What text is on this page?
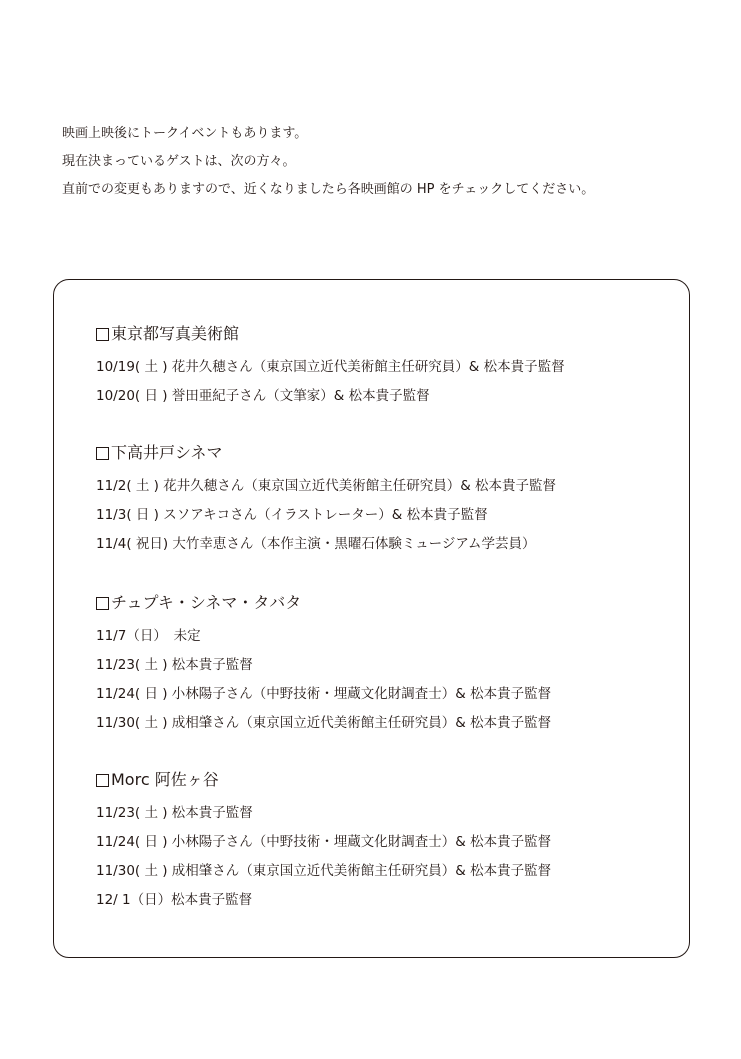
映画上映後にトークイベントもあります。
現在決まっているゲストは、次の方々。
直前での変更もありますので、近くなりましたら各映画館の HP をチェックしてください。
東京都写真美術館
10/19( 土 ) 花井久穂さん（東京国立近代美術館主任研究員）& 松本貴子監督
10/20( 日 ) 誉田亜紀子さん（文筆家）& 松本貴子監督
下高井戸シネマ
11/2( 土 ) 花井久穂さん（東京国立近代美術館主任研究員）& 松本貴子監督
11/3( 日 ) スソアキコさん（イラストレーター）& 松本貴子監督
11/4( 祝日) 大竹幸恵さん（本作主演・黒曜石体験ミュージアム学芸員）
チュプキ・シネマ・タバタ
11/7（日）　未定
11/23( 土 ) 松本貴子監督
11/24( 日 ) 小林陽子さん（中野技術・埋蔵文化財調査士）& 松本貴子監督
11/30( 土 ) 成相肇さん（東京国立近代美術館主任研究員）& 松本貴子監督
Morc 阿佐ヶ谷
11/23( 土 ) 松本貴子監督
11/24( 日 ) 小林陽子さん（中野技術・埋蔵文化財調査士）& 松本貴子監督
11/30( 土 ) 成相肇さん（東京国立近代美術館主任研究員）& 松本貴子監督
12/ 1（日）松本貴子監督
